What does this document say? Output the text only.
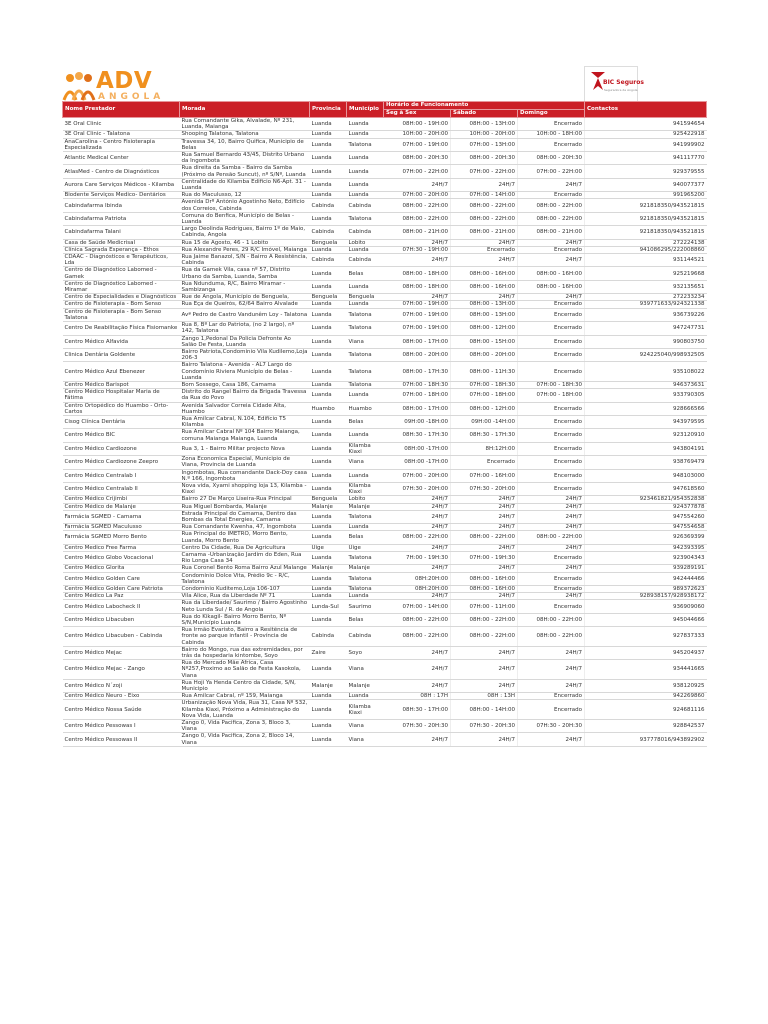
ADV
ANGOLA
BIC Seguros
Seguradora de Angola
Nome Prestador	Morada	Provincia	Município	Horário de Funcionamento			Contactos
				Seg à Sex	Sábado	Domingo	
3E Oral Clinic	Rua Comandante Gika, Alvalade, Nº 231, Luanda, Maianga	Luanda	Luanda	08H:00 - 19H:00	08H:00 - 13H:00	Encerrado	941594654
3E Oral Clinic - Talatona	Shooping Talatona, Talatona	Luanda	Luanda	10H:00 - 20H:00	10H:00 - 20H:00	10H:00 - 18H:00	925422918
AnaCarolina - Centro Fisioterapia Especializada	Travessa 34, 10, Bairro Quifica, Municipio de Belas	Luanda	Talatona	07H:00 - 19H:00	07H:00 - 13H:00	Encerrado	941999902
Atlantic Medical Center	Rua Samuel Bernardo 43/45, Distrito Urbano da Ingombota	Luanda	Luanda	08H:00 - 20H:30	08H:00 - 20H:30	08H:00 - 20H:30	941117770
AtlasMed - Centro de Diagnósticos	Rua direita da Samba - Bairro da Samba (Próximo da Pensão Suncut), nº S/Nº, Luanda	Luanda	Luanda	07H:00 - 22H:00	07H:00 - 22H:00	07H:00 - 22H:00	929379555
Aurora Care Serviços Médicos - Kilamba	Centralidade do Kilamba Edificio N6-Apt. 31 - Luanda	Luanda	Luanda	24H/7	24H/7	24H/7	940077377
Biodente Serviços Medico- Dentários	Rua do Maculusso, 12	Luanda	Luanda	07H:00 - 20H:00	07H:00 - 14H:00	Encerrado	991965200
Cabindafarma Ibinda	Avenida Drº António Agostinho Neto, Edifício dos Correios, Cabinda	Cabinda	Cabinda	08H:00 - 22H:00	08H:00 - 22H:00	08H:00 - 22H:00	921818350/943521815
Cabindafarma Patriota	Comuna do Benfica, Município de Belas - Luanda	Luanda	Talatona	08H:00 - 22H:00	08H:00 - 22H:00	08H:00 - 22H:00	921818350/943521815
Cabindafarma Talani	Largo Deolinda Rodrigues, Bairro 1º de Maio, Cabinda, Angola	Cabinda	Cabinda	08H:00 - 21H:00	08H:00 - 21H:00	08H:00 - 21H:00	921818350/943521815
Casa de Saúde Medicrisal	Rua 15 de Agosto, 46 - 1 Lobito	Benguela	Lobito	24H/7	24H/7	24H/7	272224138
Clínica Sagrada Esperança - Ethos	Rua Alexandre Peres, 29 R/C Imóvel, Maianga	Luanda	Luanda	07H:30 - 19H:00	Encerrado	Encerrado	941086295/222008860
CDAAC - Diagnósticos e Terapêuticos, Lda	Rua Jaime Banazol, S/N - Bairro A Resistência, Cabinda	Cabinda	Cabinda	24H/7	24H/7	24H/7	931144521
Centro de Diagnóstico Labomed - Gamek	Rua da Gamek Vila, casa nº 57, Distrito Urbano da Samba, Luanda, Samba	Luanda	Belas	08H:00 - 18H:00	08H:00 - 16H:00	08H:00 - 16H:00	925219668
Centro de Diagnóstico Labomed - Miramar	Rua Ndunduma, R/C, Bairro Miramar - Sambizanga	Luanda	Luanda	08H:00 - 18H:00	08H:00 - 16H:00	08H:00 - 16H:00	932135651
Centro de Especialidades e Diagnósticos	Rue de Angola, Município de Benguela,	Benguela	Benguela	24H/7	24H/7	24H/7	272233234
Centro de Fisioterapia - Bom Senso	Rua Eça de Queirós, 62/64 Bairro Alvalade	Luanda	Luanda	07H:00 - 19H:00	08H:00 - 13H:00	Encerrado	939771633/924321338
Centro de Fisioterapia - Bom Senso Talatona	Avª Pedro de Castro Vandunêm Loy - Talatona	Luanda	Talatona	07H:00 - 19H:00	08H:00 - 13H:00	Encerrado	936739226
Centro De Reabilitação Física Fisiomanke	Rua 8, Bº Lar do Patriota, (no 2 largo), nº 142, Talatona	Luanda	Talatona	07H:00 - 19H:00	08H:00 - 12H:00	Encerrado	947247731
Centro Médico Alfavida	Zango 1,Pedonal Da Policia Defronte Ao Salão De Festa, Luanda	Luanda	Viana	08H:00 - 17H:00	08H:00 - 15H:00	Encerrado	990803750
Clinica Dentária Goldente	Bairro Patriota,Condomínio Vila Kudilemo,Loja 206-3	Luanda	Talatona	08H:00 - 20H:00	08H:00 - 20H:00	Encerrado	924225040/998932505
Centro Médico Azul Ebenezer	Bairro Talatona - Avenida - AL7 Largo do Condomínio Riviera Município de Belas - Luanda	Luanda	Talatona	08H:00 - 17H:30	08H:00 - 11H:30	Encerrado	935108022
Centro Médico Barispot	Bom Sossego, Casa 186, Camama	Luanda	Talatona	07H:00 - 18H:30	07H:00 - 18H:30	07H:00 - 18H:30	946373631
Centro Médico Hospitalar Maria de Fátima	Distrito do Rangel Bairro da Brigada Travessa da Rua do Povo	Luanda	Luanda	07H:00 - 18H:00	07H:00 - 18H:00	07H:00 - 18H:00	933790305
Centro Ortopédico do Huambo - Orto-Cartos	Avenida Salvador Correia Cidade Alta, Huambo	Huambo	Huambo	08H:00 - 17H:00	08H:00 - 12H:00	Encerrado	928666566
Cisog Clínica Dentária	Rua Amilcar Cabral, N.104, Edifício T5 Kilamba	Luanda	Belas	09H:00 -18H:00	09H:00 -14H:00	Encerrado	943979595
Centro Médico BIC	Rua Amilcar Cabral Nº 104 Bairro Maianga, comuna Maianga Maianga, Luanda	Luanda	Luanda	08H:30 - 17H:30	08H:30 - 17H:30	Encerrado	923120910
Centro Médico Cardiozone	Rua 3, 1 - Bairro Militar projecto Nova	Luanda	Kilamba Kiaxi	08H:00 -17H:00	8H:12H:00	Encerrado	943804191
Centro Médico Cardiozone Zeepro	Zona Economica Especial, Municipio de Viana, Provincia de Luanda	Luanda	Viana	08H:00 -17H:00	Encerrado	Encerrado	938769479
Centro Médico Centralab I	Ingombotas, Rua comandante Dack-Doy casa N.º 166, Ingombota	Luanda	Luanda	07H:00 - 20H:00	07H:00 - 16H:00	Encerrado	948103000
Centro Médico Centralab II	Nova vida, Xyami shopping loja 13, Kilamba - Kiaxi	Luanda	Kilamba Kiaxi	07H:30 - 20H:00	07H:30 - 20H:00	Encerrado	947618560
Centro Médico Crijimbi	Bairro 27 De Março Liseira-Rua Principal	Benguela	Lobito	24H/7	24H/7	24H/7	923461821/954352838
Centro Médico de Malanje	Rua Miguel Bombarda, Malanje	Malanje	Malanje	24H/7	24H/7	24H/7	924377878
Farmácia SGMED - Camama	Estrada Principal do Camama, Dentro das Bombas da Total Energies, Camama	Luanda	Talatona	24H/7	24H/7	24H/7	947554260
Farmácia SGMED Maculusso	Rua Comandante Kwenha, 47, Ingombota	Luanda	Luanda	24H/7	24H/7	24H/7	947554658
Farmácia SGMED Morro Bento	Rua Principal do IMETRO, Morro Bento, Luanda, Morro Bento	Luanda	Belas	08H:00 - 22H:00	08H:00 - 22H:00	08H:00 - 22H:00	926369399
Centro Medico Free Farma	Centro Da Cidade, Rua De Agricultura	Uíge	Uíge	24H/7	24H/7	24H/7	942393395
Centro Médico Globo Vocacional	Camama -Urbanização Jardim do Eden, Rua Rio Longa Casa 34	Luanda	Talatona	7H:00 - 19H:30	07H:00 - 19H:30	Encerrado	923904343
Centro Médico Glorita	Rua Coronel Bento Roma Bairro Azul Malange	Malanje	Malanje	24H/7	24H/7	24H/7	939289191
Centro Médico Golden Care	Condomínio Dolce Vita, Prédio 9c - R/C, Talatona	Luanda	Talatona	08H:20H:00	08H:00 - 16H:00	Encerrado	942444466
Centro Médico Golden Care Patriota	Condomínio Kuditemo,Loja 106-107	Luanda	Talatona	08H:20H:00	08H:00 - 16H:00	Encerrado	989372623
Centro Médico La Paz	Vila Alice, Rua da Liberdade Nº 71	Luanda	Luanda	24H/7	24H/7	24H/7	928938157/928938172
Centro Médico Labocheck II	Rua da Liberdade/ Saurimo / Bairro Agostinho Neto Lunda Sul / R. de Angola	Lunda-Sul	Saurimo	07H:00 - 14H:00	07H:00 - 11H:00	Encerrado	936909060
Centro Médico Libacuben	Rua do Kikagil- Bairro Morro Bento, Nº S/N,Município Luanda	Luanda	Belas	08H:00 - 22H:00	08H:00 - 22H:00	08H:00 - 22H:00	945044666
Centro Médico Libacuben - Cabinda	Rua Irmão Evaristo, Bairro a Resitência de fronte ao parque infantil - Província de Cabinda	Cabinda	Cabinda	08H:00 - 22H:00	08H:00 - 22H:00	08H:00 - 22H:00	927837333
Centro Médico Mejac	Bairro do Mongo, rua das extremidades, por trás da hospedaria kintombe, Soyo	Zaire	Soyo	24H/7	24H/7	24H/7	945204937
Centro Médico Mejac - Zango	Rua do Mercado Mãe Africa, Casa Nº257,Proximo ao Salão de Festa Kasokola, Viana	Luanda	Viana	24H/7	24H/7	24H/7	934441665
Centro Médico N´zoji	Rua Hoji Ya Henda Centro da Cidade, S/N, Municipio	Malanje	Malanje	24H/7	24H/7	24H/7	938120925
Centro Médico Neuro - Eixo	Rua Amilcar Cabral, nº 159, Maianga	Luanda	Luanda	08H : 17H	08H : 13H	Encerrado	942269860
Centro Médico Nossa Saúde	Urbanização Nova Vida, Rua 31, Casa Nº 532, Kilamba Kiaxi, Próximo a Administração do Nova Vida, Luanda	Luanda	Kilamba Kiaxi	08H:30 - 17H:00	08H:00 - 14H:00	Encerrado	924681116
Centro Médico Pessowas I	Zango 0, Vida Pacifica, Zona 3, Bloco 3, Viana	Luanda	Viana	07H:30 - 20H:30	07H:30 - 20H:30	07H:30 - 20H:30	928842537
Centro Médico Pessowas II	Zango 0, Vida Pacifica, Zona 2, Bloco 14, Viana	Luanda	Viana	24H/7	24H/7	24H/7	937778016/943892902
